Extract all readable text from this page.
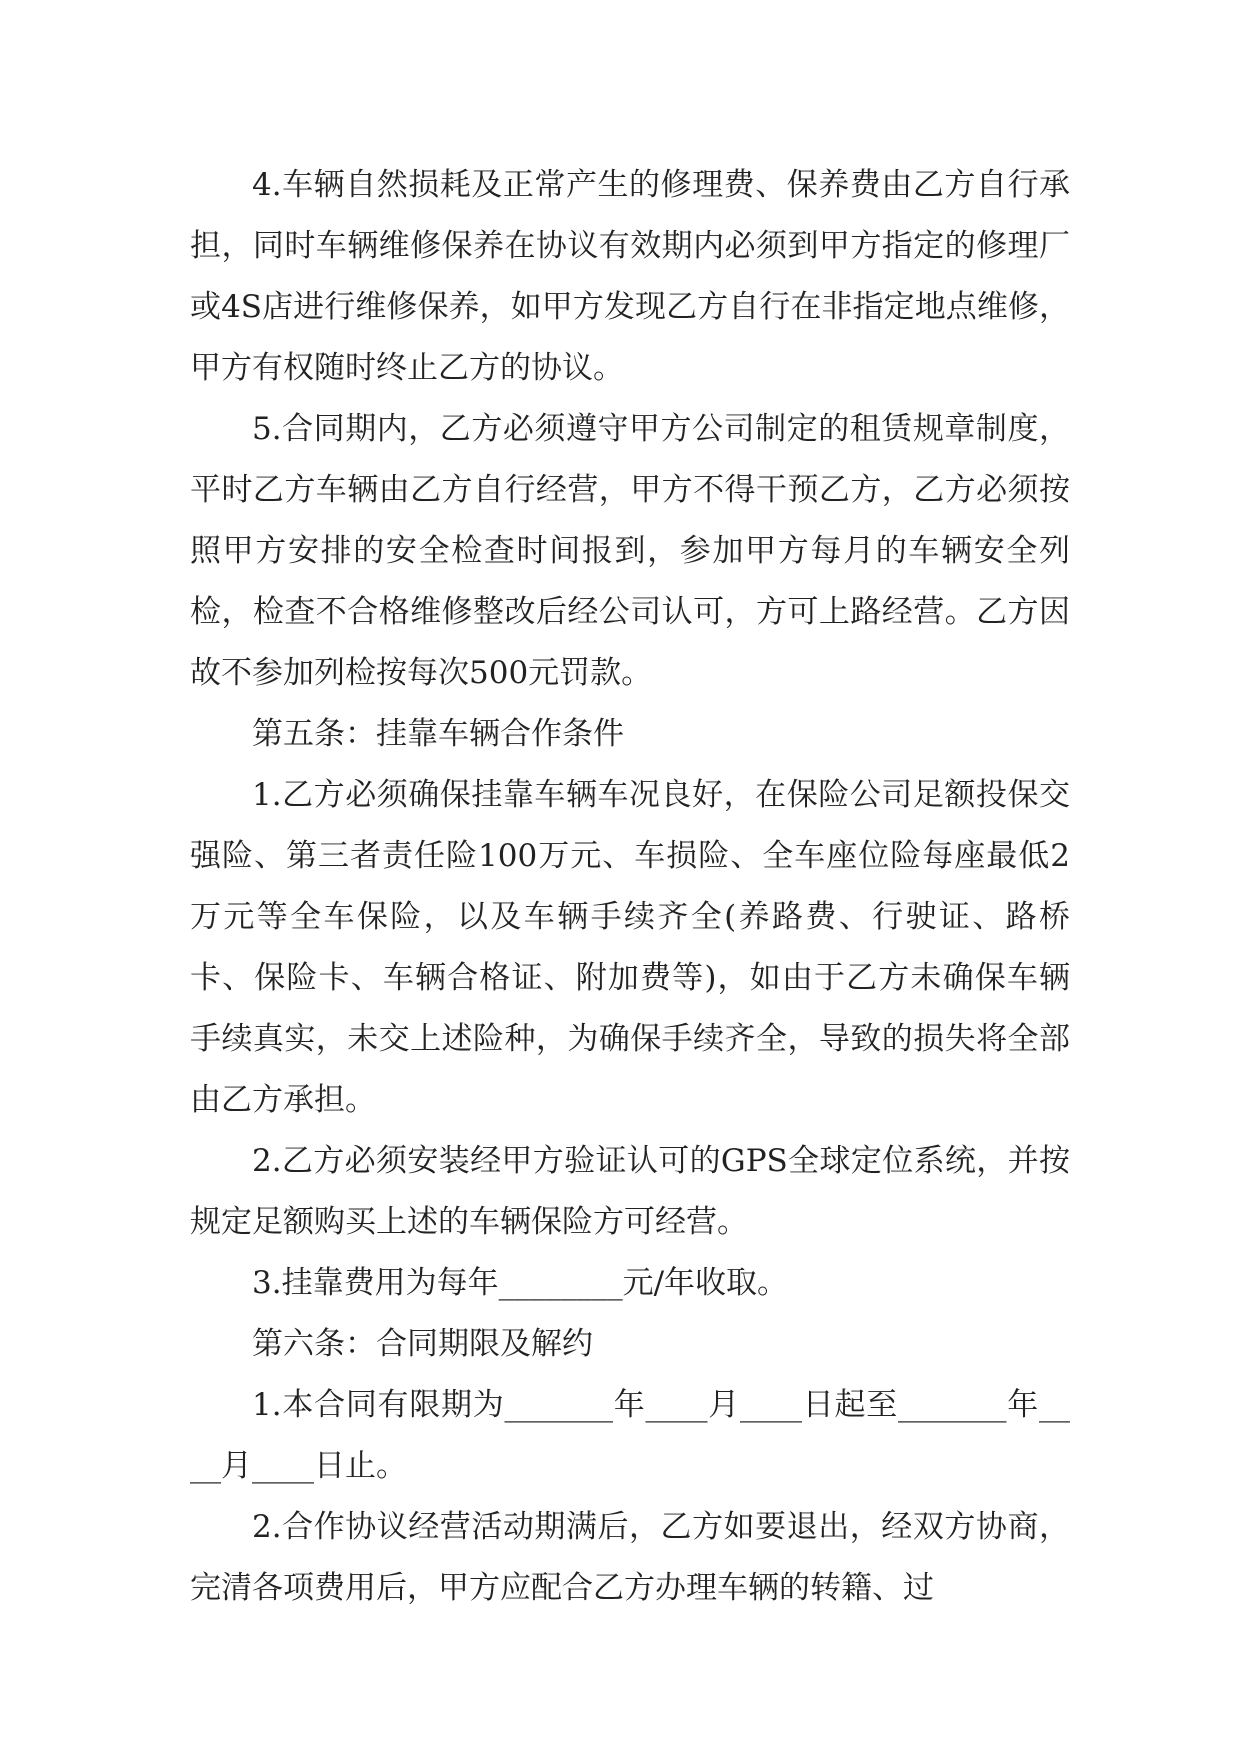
4.车辆自然损耗及正常产生的修理费、保养费由乙方自行承担，同时车辆维修保养在协议有效期内必须到甲方指定的修理厂或4S店进行维修保养，如甲方发现乙方自行在非指定地点维修，甲方有权随时终止乙方的协议。

5.合同期内，乙方必须遵守甲方公司制定的租赁规章制度，平时乙方车辆由乙方自行经营，甲方不得干预乙方，乙方必须按照甲方安排的安全检查时间报到，参加甲方每月的车辆安全列检，检查不合格维修整改后经公司认可，方可上路经营。乙方因故不参加列检按每次500元罚款。

第五条：挂靠车辆合作条件

1.乙方必须确保挂靠车辆车况良好，在保险公司足额投保交强险、第三者责任险100万元、车损险、全车座位险每座最低2万元等全车保险，以及车辆手续齐全(养路费、行驶证、路桥卡、保险卡、车辆合格证、附加费等)，如由于乙方未确保车辆手续真实，未交上述险种，为确保手续齐全，导致的损失将全部由乙方承担。

2.乙方必须安装经甲方验证认可的GPS全球定位系统，并按规定足额购买上述的车辆保险方可经营。

3.挂靠费用为每年________元/年收取。

第六条：合同期限及解约

1.本合同有限期为_______年____月____日起至_______年____月____日止。

2.合作协议经营活动期满后，乙方如要退出，经双方协商，完清各项费用后，甲方应配合乙方办理车辆的转籍、过
